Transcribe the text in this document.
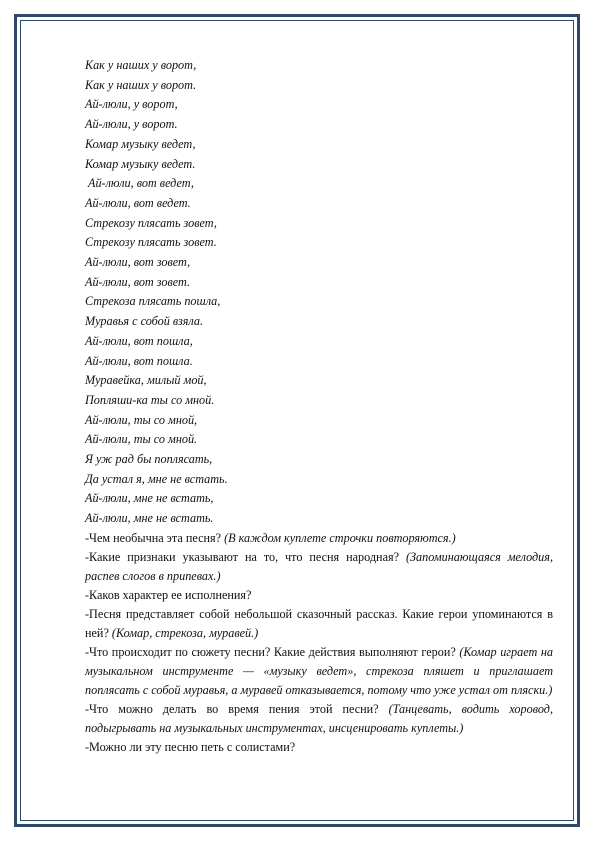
Как у наших у ворот,
Как у наших у ворот.
Ай-люли, у ворот,
Ай-люли, у ворот.
Комар музыку ведет,
Комар музыку ведет.
Ай-люли, вот ведет,
Ай-люли, вот ведет.
Стрекозу плясать зовет,
Стрекозу плясать зовет.
Ай-люли, вот зовет,
Ай-люли, вот зовет.
Стрекоза плясать пошла,
Муравья с собой взяла.
Ай-люли, вот пошла,
Ай-люли, вот пошла.
Муравейка, милый мой,
Попляши-ка ты со мной.
Ай-люли, ты со мной,
Ай-люли, ты со мной.
Я уж рад бы поплясать,
Да устал я, мне не встать.
Ай-люли, мне не встать,
Ай-люли, мне не встать.

-Чем необычна эта песня? (В каждом куплете строчки повторяются.)

-Какие признаки указывают на то, что песня народная? (Запоминающаяся мелодия, распев слогов в припевах.)

-Каков характер ее исполнения?

-Песня представляет собой небольшой сказочный рассказ. Какие герои упоминаются в ней? (Комар, стрекоза, муравей.)

-Что происходит по сюжету песни? Какие действия выполняют герои? (Комар играет на музыкальном инструменте — «музыку ведет», стрекоза пляшет и приглашает поплясать с собой муравья, а муравей отказывается, потому что уже устал от пляски.)

-Что можно делать во время пения этой песни? (Танцевать, водить хоровод, подыгрывать на музыкальных инструментах, инсценировать куплеты.)

-Можно ли эту песню петь с солистами?
